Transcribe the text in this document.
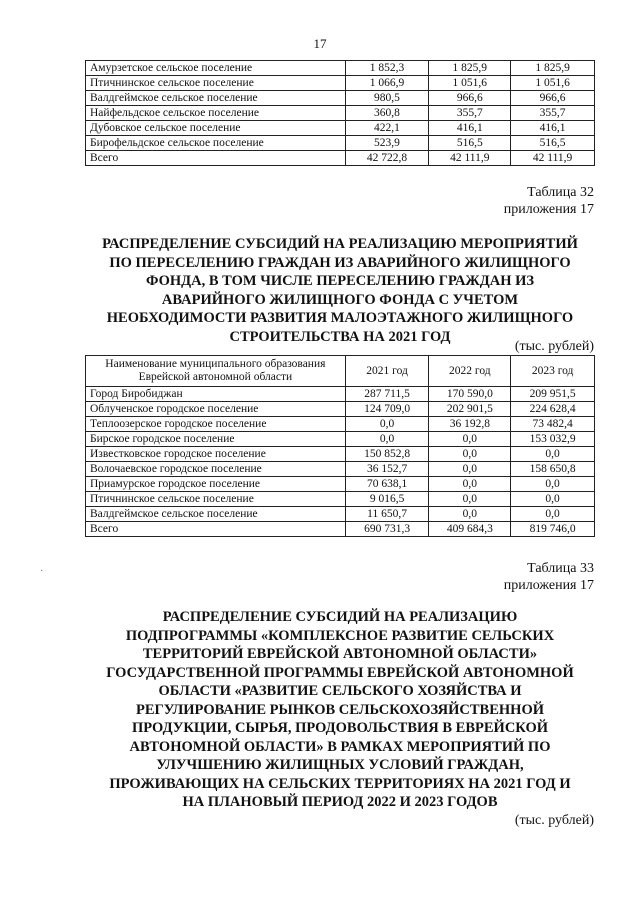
17
Амурзетское сельское поселение	1 852,3	1 825,9	1 825,9
Птичнинское сельское поселение	1 066,9	1 051,6	1 051,6
Валдгеймское сельское поселение	980,5	966,6	966,6
Найфельдское сельское поселение	360,8	355,7	355,7
Дубовское сельское поселение	422,1	416,1	416,1
Бирофельдское сельское поселение	523,9	516,5	516,5
Всего	42 722,8	42 111,9	42 111,9
Таблица 32
приложения 17
РАСПРЕДЕЛЕНИЕ СУБСИДИЙ НА РЕАЛИЗАЦИЮ МЕРОПРИЯТИЙ
ПО ПЕРЕСЕЛЕНИЮ ГРАЖДАН ИЗ АВАРИЙНОГО ЖИЛИЩНОГО
ФОНДА, В ТОМ ЧИСЛЕ ПЕРЕСЕЛЕНИЮ ГРАЖДАН ИЗ
АВАРИЙНОГО ЖИЛИЩНОГО ФОНДА С УЧЕТОМ
НЕОБХОДИМОСТИ РАЗВИТИЯ МАЛОЭТАЖНОГО ЖИЛИЩНОГО
СТРОИТЕЛЬСТВА НА 2021 ГОД
(тыс. рублей)
Наименование муниципального образования
Еврейской автономной области	2021 год	2022 год	2023 год
Город Биробиджан	287 711,5	170 590,0	209 951,5
Облученское городское поселение	124 709,0	202 901,5	224 628,4
Теплоозерское городское поселение	0,0	36 192,8	73 482,4
Бирское городское поселение	0,0	0,0	153 032,9
Известковское городское поселение	150 852,8	0,0	0,0
Волочаевское городское поселение	36 152,7	0,0	158 650,8
Приамурское городское поселение	70 638,1	0,0	0,0
Птичнинское сельское поселение	9 016,5	0,0	0,0
Валдгеймское сельское поселение	11 650,7	0,0	0,0
Всего	690 731,3	409 684,3	819 746,0
·	Таблица 33
приложения 17
РАСПРЕДЕЛЕНИЕ СУБСИДИЙ НА РЕАЛИЗАЦИЮ
ПОДПРОГРАММЫ «КОМПЛЕКСНОЕ РАЗВИТИЕ СЕЛЬСКИХ
ТЕРРИТОРИЙ ЕВРЕЙСКОЙ АВТОНОМНОЙ ОБЛАСТИ»
ГОСУДАРСТВЕННОЙ ПРОГРАММЫ ЕВРЕЙСКОЙ АВТОНОМНОЙ
ОБЛАСТИ «РАЗВИТИЕ СЕЛЬСКОГО ХОЗЯЙСТВА И
РЕГУЛИРОВАНИЕ РЫНКОВ СЕЛЬСКОХОЗЯЙСТВЕННОЙ
ПРОДУКЦИИ, СЫРЬЯ, ПРОДОВОЛЬСТВИЯ В ЕВРЕЙСКОЙ
АВТОНОМНОЙ ОБЛАСТИ» В РАМКАХ МЕРОПРИЯТИЙ ПО
УЛУЧШЕНИЮ ЖИЛИЩНЫХ УСЛОВИЙ ГРАЖДАН,
ПРОЖИВАЮЩИХ НА СЕЛЬСКИХ ТЕРРИТОРИЯХ НА 2021 ГОД И
НА ПЛАНОВЫЙ ПЕРИОД 2022 И 2023 ГОДОВ
(тыс. рублей)
